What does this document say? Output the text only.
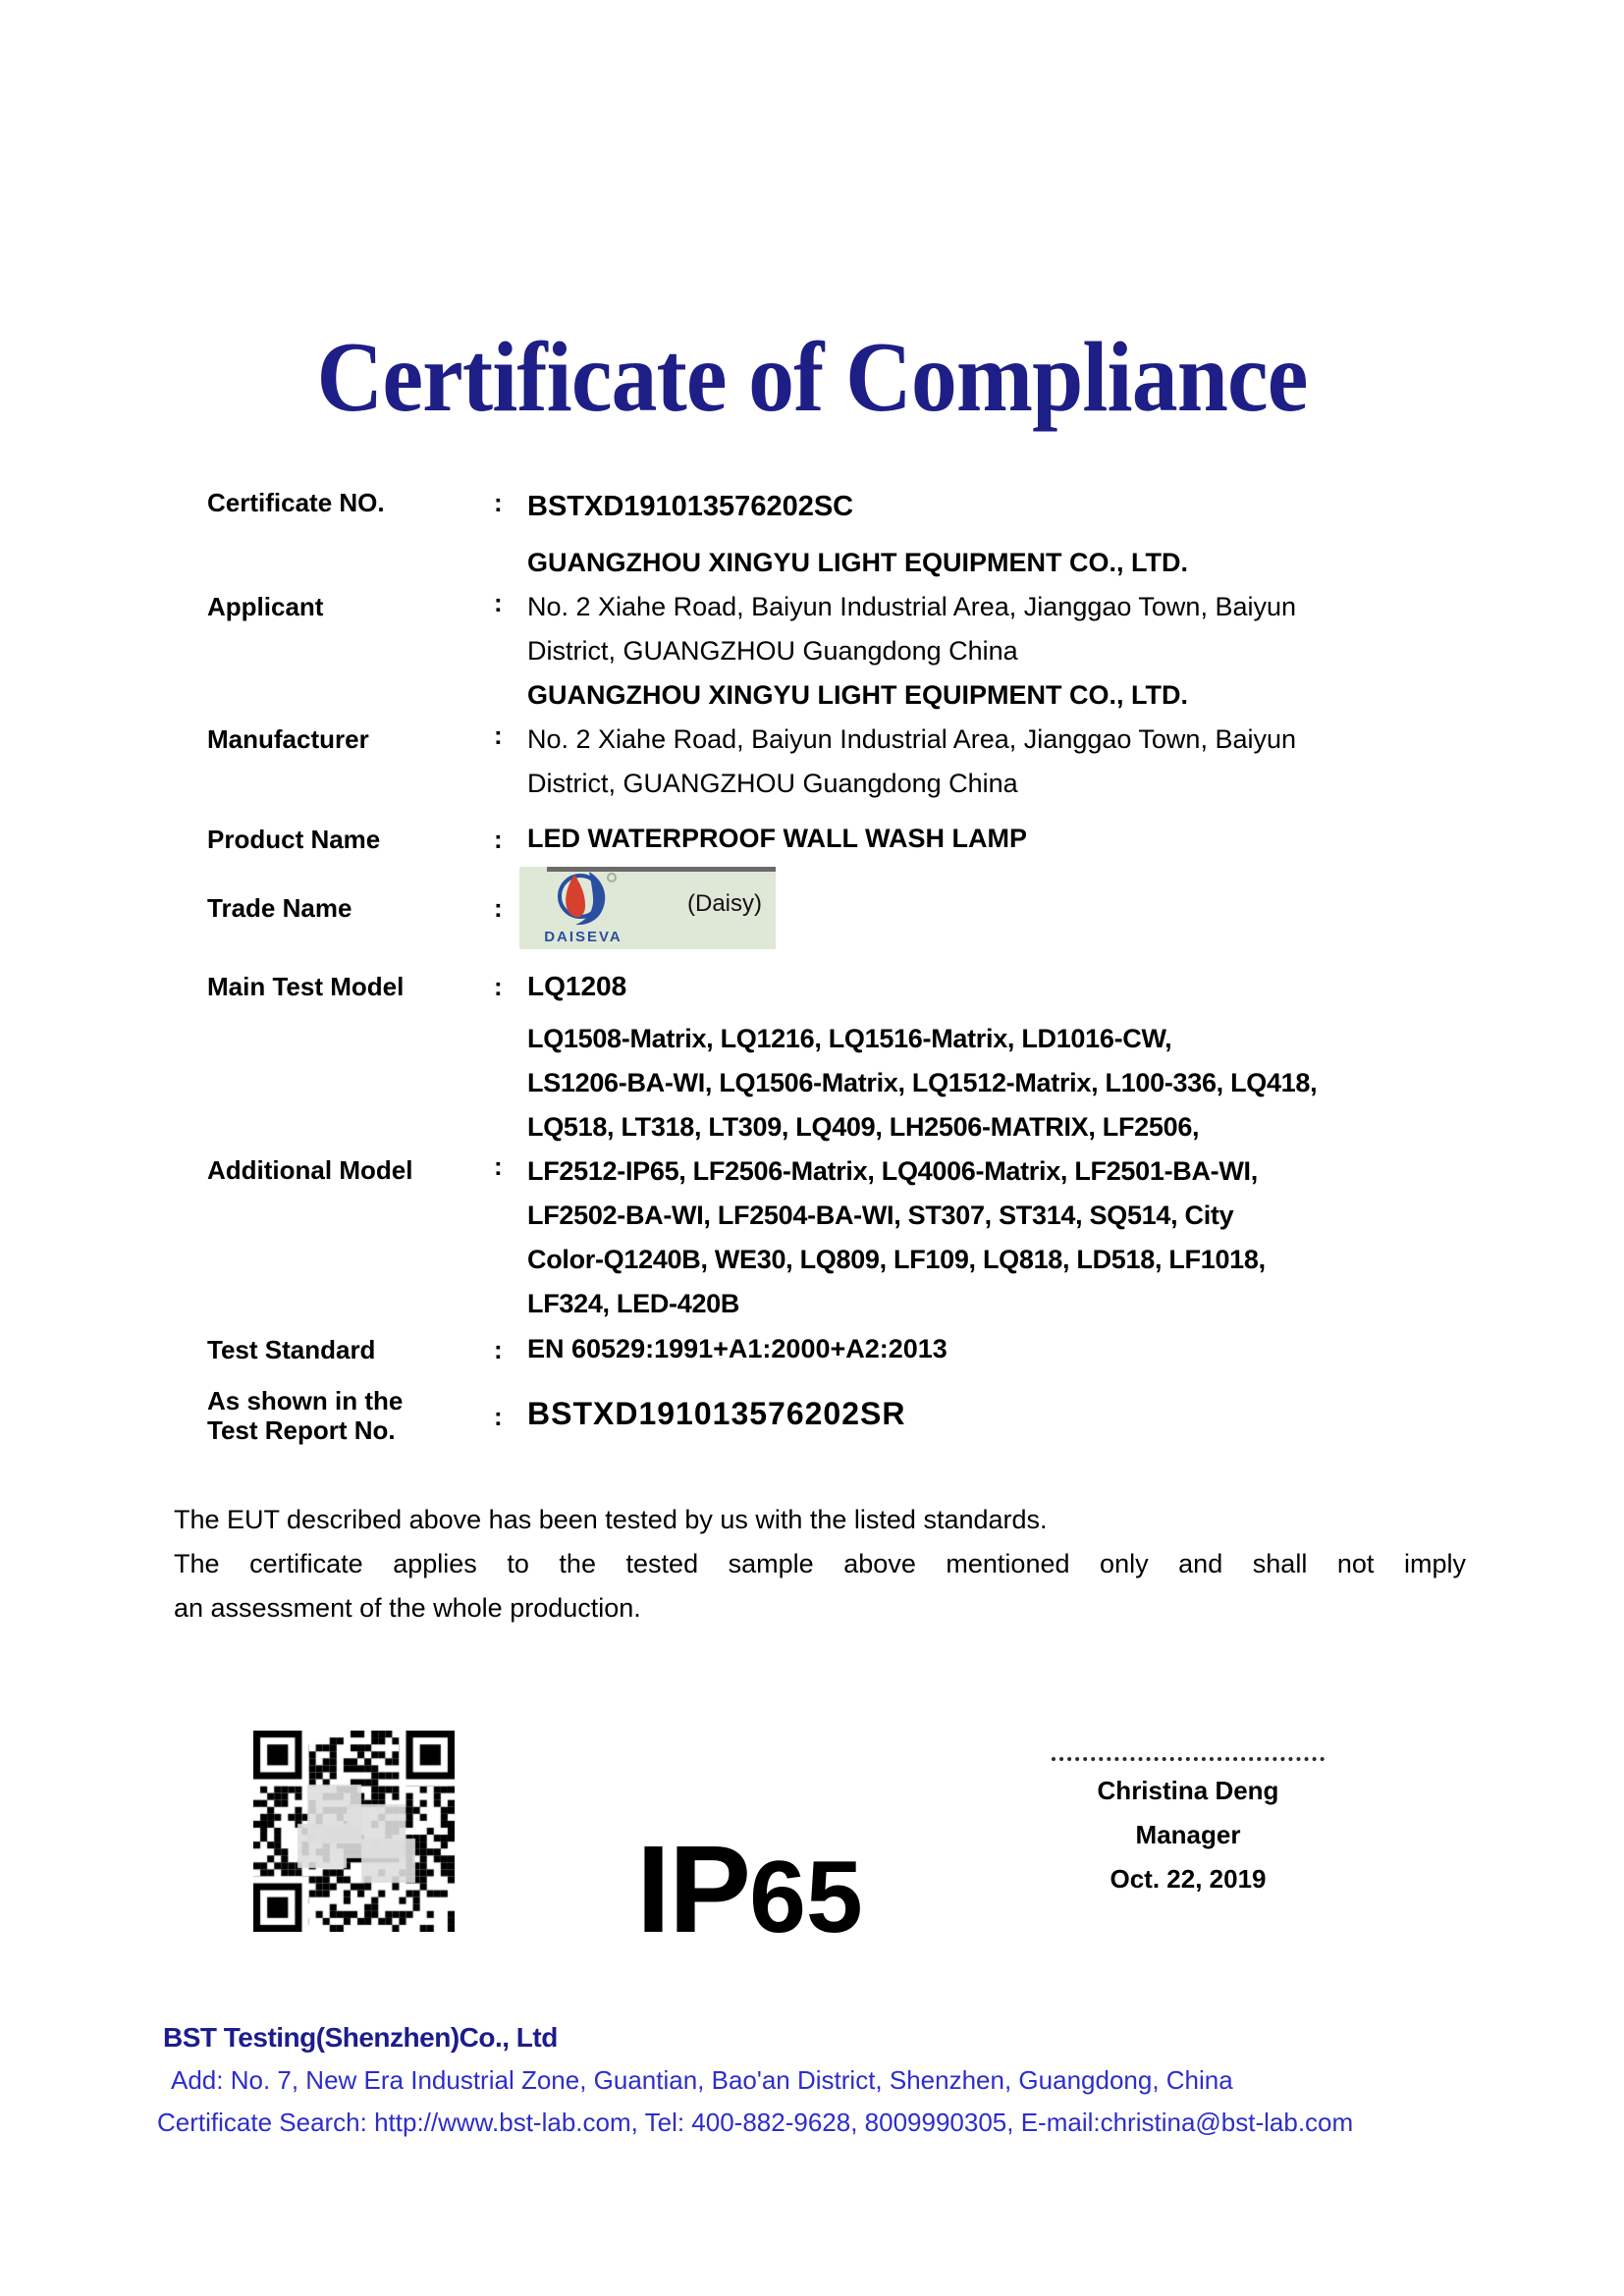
Certificate of Compliance
Certificate NO.	: BSTXD191013576202SC
Applicant	:
GUANGZHOU XINGYU LIGHT EQUIPMENT CO., LTD.
No. 2 Xiahe Road, Baiyun Industrial Area, Jianggao Town, Baiyun
District, GUANGZHOU Guangdong China
Manufacturer	:
GUANGZHOU XINGYU LIGHT EQUIPMENT CO., LTD.
No. 2 Xiahe Road, Baiyun Industrial Area, Jianggao Town, Baiyun
District, GUANGZHOU Guangdong China
Product Name	: LED WATERPROOF WALL WASH LAMP
Trade Name	:
DAISEVA
(Daisy)
Main Test Model	: LQ1208
Additional Model	:
LQ1508-Matrix, LQ1216, LQ1516-Matrix, LD1016-CW,
LS1206-BA-WI, LQ1506-Matrix, LQ1512-Matrix, L100-336, LQ418,
LQ518, LT318, LT309, LQ409, LH2506-MATRIX, LF2506,
LF2512-IP65, LF2506-Matrix, LQ4006-Matrix, LF2501-BA-WI,
LF2502-BA-WI, LF2504-BA-WI, ST307, ST314, SQ514, City
Color-Q1240B, WE30, LQ809, LF109, LQ818, LD518, LF1018,
LF324, LED-420B
Test Standard	: EN 60529:1991+A1:2000+A2:2013
As shown in the
Test Report No.	: BSTXD191013576202SR
The EUT described above has been tested by us with the listed standards.
The certificate applies to the tested sample above mentioned only and shall not imply
an assessment of the whole production.
IP65
Christina Deng
Manager
Oct. 22, 2019
BST Testing(Shenzhen)Co., Ltd
Add: No. 7, New Era Industrial Zone, Guantian, Bao'an District, Shenzhen, Guangdong, China
Certificate Search: http://www.bst-lab.com, Tel: 400-882-9628, 8009990305, E-mail:christina@bst-lab.com
